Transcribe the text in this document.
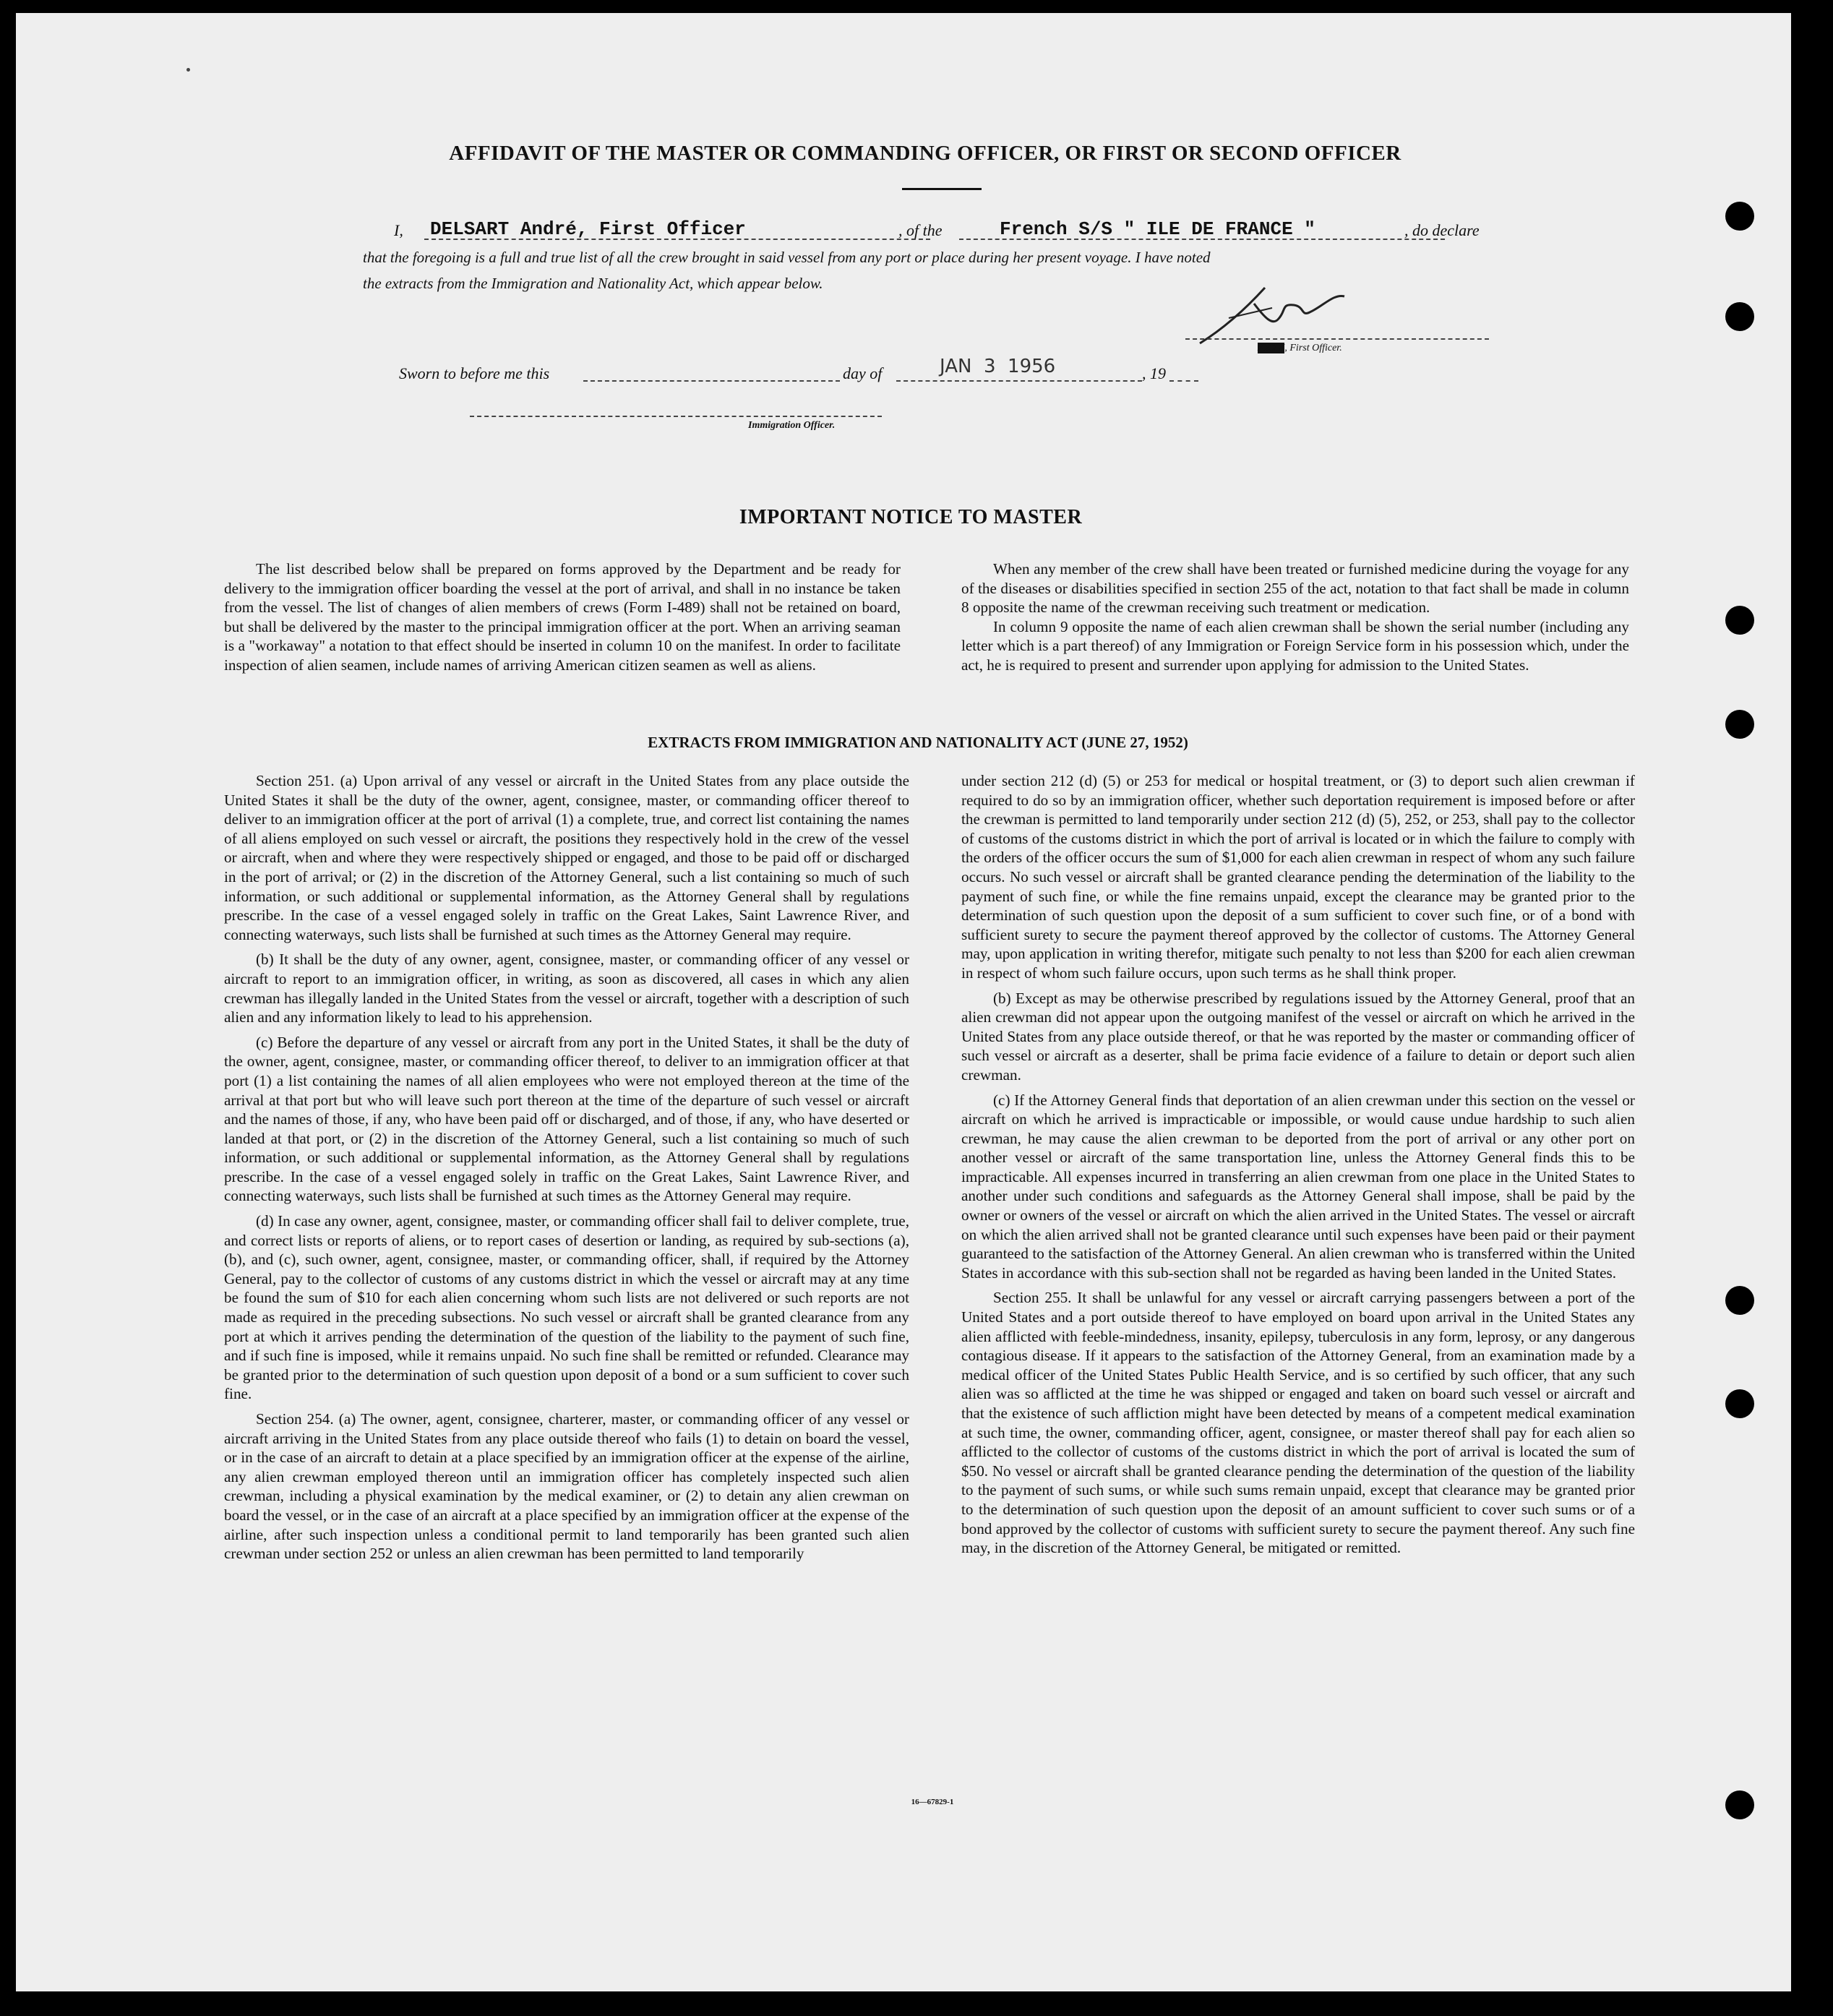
AFFIDAVIT OF THE MASTER OR COMMANDING OFFICER, OR FIRST OR SECOND OFFICER
I, DELSART André, First Officer	, of the	French S/S " ILE DE FRANCE "	, do declare
that the foregoing is a full and true list of all the crew brought in said vessel from any port or place during her present voyage. I have noted
the extracts from the Immigration and Nationality Act, which appear below.
XXXX, First Officer.
Sworn to before me this	day of	JAN  3  1956	, 19
Immigration Officer.
IMPORTANT NOTICE TO MASTER

The list described below shall be prepared on forms approved by the Department and be ready for delivery to the immigration officer boarding the vessel at the port of arrival, and shall in no instance be taken from the vessel. The list of changes of alien members of crews (Form I-489) shall not be retained on board, but shall be delivered by the master to the principal immigration officer at the port. When an arriving seaman is a "workaway" a notation to that effect should be inserted in column 10 on the manifest. In order to facilitate inspection of alien seamen, include names of arriving American citizen seamen as well as aliens.

When any member of the crew shall have been treated or furnished medicine during the voyage for any of the diseases or disabilities specified in section 255 of the act, notation to that fact shall be made in column 8 opposite the name of the crewman receiving such treatment or medication.

In column 9 opposite the name of each alien crewman shall be shown the serial number (including any letter which is a part thereof) of any Immigration or Foreign Service form in his possession which, under the act, he is required to present and surrender upon applying for admission to the United States.

EXTRACTS FROM IMMIGRATION AND NATIONALITY ACT (JUNE 27, 1952)

Section 251. (a) Upon arrival of any vessel or aircraft in the United States from any place outside the United States it shall be the duty of the owner, agent, consignee, master, or commanding officer thereof to deliver to an immigration officer at the port of arrival (1) a complete, true, and correct list containing the names of all aliens employed on such vessel or aircraft, the positions they respectively hold in the crew of the vessel or aircraft, when and where they were respectively shipped or engaged, and those to be paid off or discharged in the port of arrival; or (2) in the discretion of the Attorney General, such a list containing so much of such information, or such additional or supplemental information, as the Attorney General shall by regulations prescribe. In the case of a vessel engaged solely in traffic on the Great Lakes, Saint Lawrence River, and connecting waterways, such lists shall be furnished at such times as the Attorney General may require.

(b) It shall be the duty of any owner, agent, consignee, master, or commanding officer of any vessel or aircraft to report to an immigration officer, in writing, as soon as discovered, all cases in which any alien crewman has illegally landed in the United States from the vessel or aircraft, together with a description of such alien and any information likely to lead to his apprehension.

(c) Before the departure of any vessel or aircraft from any port in the United States, it shall be the duty of the owner, agent, consignee, master, or commanding officer thereof, to deliver to an immigration officer at that port (1) a list containing the names of all alien employees who were not employed thereon at the time of the arrival at that port but who will leave such port thereon at the time of the departure of such vessel or aircraft and the names of those, if any, who have been paid off or discharged, and of those, if any, who have deserted or landed at that port, or (2) in the discretion of the Attorney General, such a list containing so much of such information, or such additional or supplemental information, as the Attorney General shall by regulations prescribe. In the case of a vessel engaged solely in traffic on the Great Lakes, Saint Lawrence River, and connecting waterways, such lists shall be furnished at such times as the Attorney General may require.

(d) In case any owner, agent, consignee, master, or commanding officer shall fail to deliver complete, true, and correct lists or reports of aliens, or to report cases of desertion or landing, as required by sub-sections (a), (b), and (c), such owner, agent, consignee, master, or commanding officer, shall, if required by the Attorney General, pay to the collector of customs of any customs district in which the vessel or aircraft may at any time be found the sum of $10 for each alien concerning whom such lists are not delivered or such reports are not made as required in the preceding subsections. No such vessel or aircraft shall be granted clearance from any port at which it arrives pending the determination of the question of the liability to the payment of such fine, and if such fine is imposed, while it remains unpaid. No such fine shall be remitted or refunded. Clearance may be granted prior to the determination of such question upon deposit of a bond or a sum sufficient to cover such fine.

Section 254. (a) The owner, agent, consignee, charterer, master, or commanding officer of any vessel or aircraft arriving in the United States from any place outside thereof who fails (1) to detain on board the vessel, or in the case of an aircraft to detain at a place specified by an immigration officer at the expense of the airline, any alien crewman employed thereon until an immigration officer has completely inspected such alien crewman, including a physical examination by the medical examiner, or (2) to detain any alien crewman on board the vessel, or in the case of an aircraft at a place specified by an immigration officer at the expense of the airline, after such inspection unless a conditional permit to land temporarily has been granted such alien crewman under section 252 or unless an alien crewman has been permitted to land temporarily

under section 212 (d) (5) or 253 for medical or hospital treatment, or (3) to deport such alien crewman if required to do so by an immigration officer, whether such deportation requirement is imposed before or after the crewman is permitted to land temporarily under section 212 (d) (5), 252, or 253, shall pay to the collector of customs of the customs district in which the port of arrival is located or in which the failure to comply with the orders of the officer occurs the sum of $1,000 for each alien crewman in respect of whom any such failure occurs. No such vessel or aircraft shall be granted clearance pending the determination of the liability to the payment of such fine, or while the fine remains unpaid, except the clearance may be granted prior to the determination of such question upon the deposit of a sum sufficient to cover such fine, or of a bond with sufficient surety to secure the payment thereof approved by the collector of customs. The Attorney General may, upon application in writing therefor, mitigate such penalty to not less than $200 for each alien crewman in respect of whom such failure occurs, upon such terms as he shall think proper.

(b) Except as may be otherwise prescribed by regulations issued by the Attorney General, proof that an alien crewman did not appear upon the outgoing manifest of the vessel or aircraft on which he arrived in the United States from any place outside thereof, or that he was reported by the master or commanding officer of such vessel or aircraft as a deserter, shall be prima facie evidence of a failure to detain or deport such alien crewman.

(c) If the Attorney General finds that deportation of an alien crewman under this section on the vessel or aircraft on which he arrived is impracticable or impossible, or would cause undue hardship to such alien crewman, he may cause the alien crewman to be deported from the port of arrival or any other port on another vessel or aircraft of the same transportation line, unless the Attorney General finds this to be impracticable. All expenses incurred in transferring an alien crewman from one place in the United States to another under such conditions and safeguards as the Attorney General shall impose, shall be paid by the owner or owners of the vessel or aircraft on which the alien arrived in the United States. The vessel or aircraft on which the alien arrived shall not be granted clearance until such expenses have been paid or their payment guaranteed to the satisfaction of the Attorney General. An alien crewman who is transferred within the United States in accordance with this sub-section shall not be regarded as having been landed in the United States.

Section 255. It shall be unlawful for any vessel or aircraft carrying passengers between a port of the United States and a port outside thereof to have employed on board upon arrival in the United States any alien afflicted with feeble-mindedness, insanity, epilepsy, tuberculosis in any form, leprosy, or any dangerous contagious disease. If it appears to the satisfaction of the Attorney General, from an examination made by a medical officer of the United States Public Health Service, and is so certified by such officer, that any such alien was so afflicted at the time he was shipped or engaged and taken on board such vessel or aircraft and that the existence of such affliction might have been detected by means of a competent medical examination at such time, the owner, commanding officer, agent, consignee, or master thereof shall pay for each alien so afflicted to the collector of customs of the customs district in which the port of arrival is located the sum of $50. No vessel or aircraft shall be granted clearance pending the determination of the question of the liability to the payment of such sums, or while such sums remain unpaid, except that clearance may be granted prior to the determination of such question upon the deposit of an amount sufficient to cover such sums or of a bond approved by the collector of customs with sufficient surety to secure the payment thereof. Any such fine may, in the discretion of the Attorney General, be mitigated or remitted.

16—67829-1
